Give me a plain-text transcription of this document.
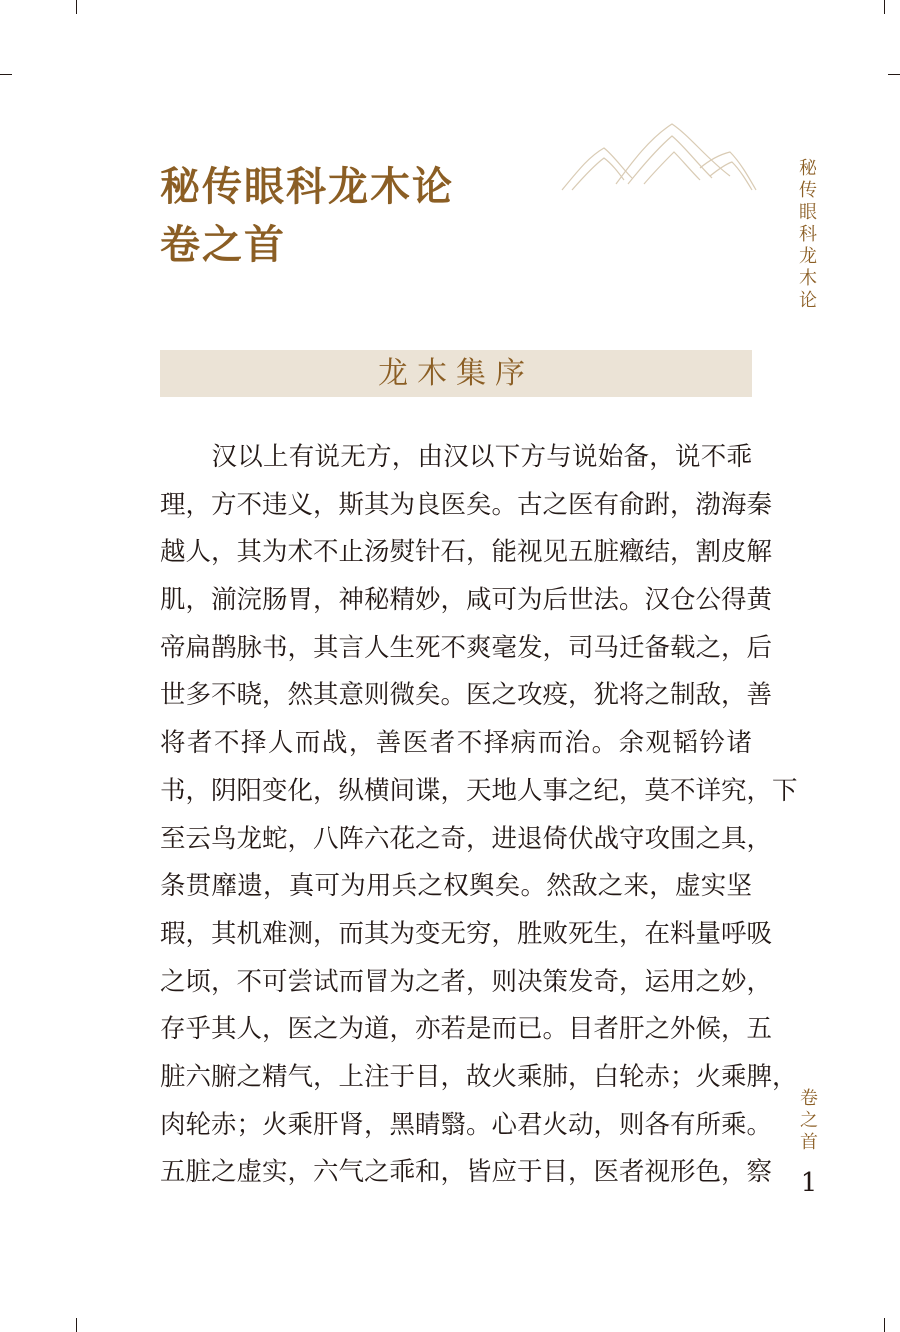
秘传眼科龙木论
卷之首
秘
传
眼
科
龙
木
论
龙木集序
　　汉以上有说无方，由汉以下方与说始备，说不乖
理，方不违义，斯其为良医矣。古之医有俞跗，渤海秦
越人，其为术不止汤熨针石，能视见五脏癥结，割皮解
肌，湔浣肠胃，神秘精妙，咸可为后世法。汉仓公得黄
帝扁鹊脉书，其言人生死不爽毫发，司马迁备载之，后
世多不晓，然其意则微矣。医之攻疫，犹将之制敌，善
将者不择人而战，善医者不择病而治。余观韬钤诸
书，阴阳变化，纵横间谍，天地人事之纪，莫不详究，下
至云鸟龙蛇，八阵六花之奇，进退倚伏战守攻围之具，
条贯靡遗，真可为用兵之权舆矣。然敌之来，虚实坚
瑕，其机难测，而其为变无穷，胜败死生，在料量呼吸
之顷，不可尝试而冒为之者，则决策发奇，运用之妙，
存乎其人，医之为道，亦若是而已。目者肝之外候，五
脏六腑之精气，上注于目，故火乘肺，白轮赤；火乘脾，
肉轮赤；火乘肝肾，黑睛翳。心君火动，则各有所乘。
五脏之虚实，六气之乖和，皆应于目，医者视形色，察
卷
之
首
1
